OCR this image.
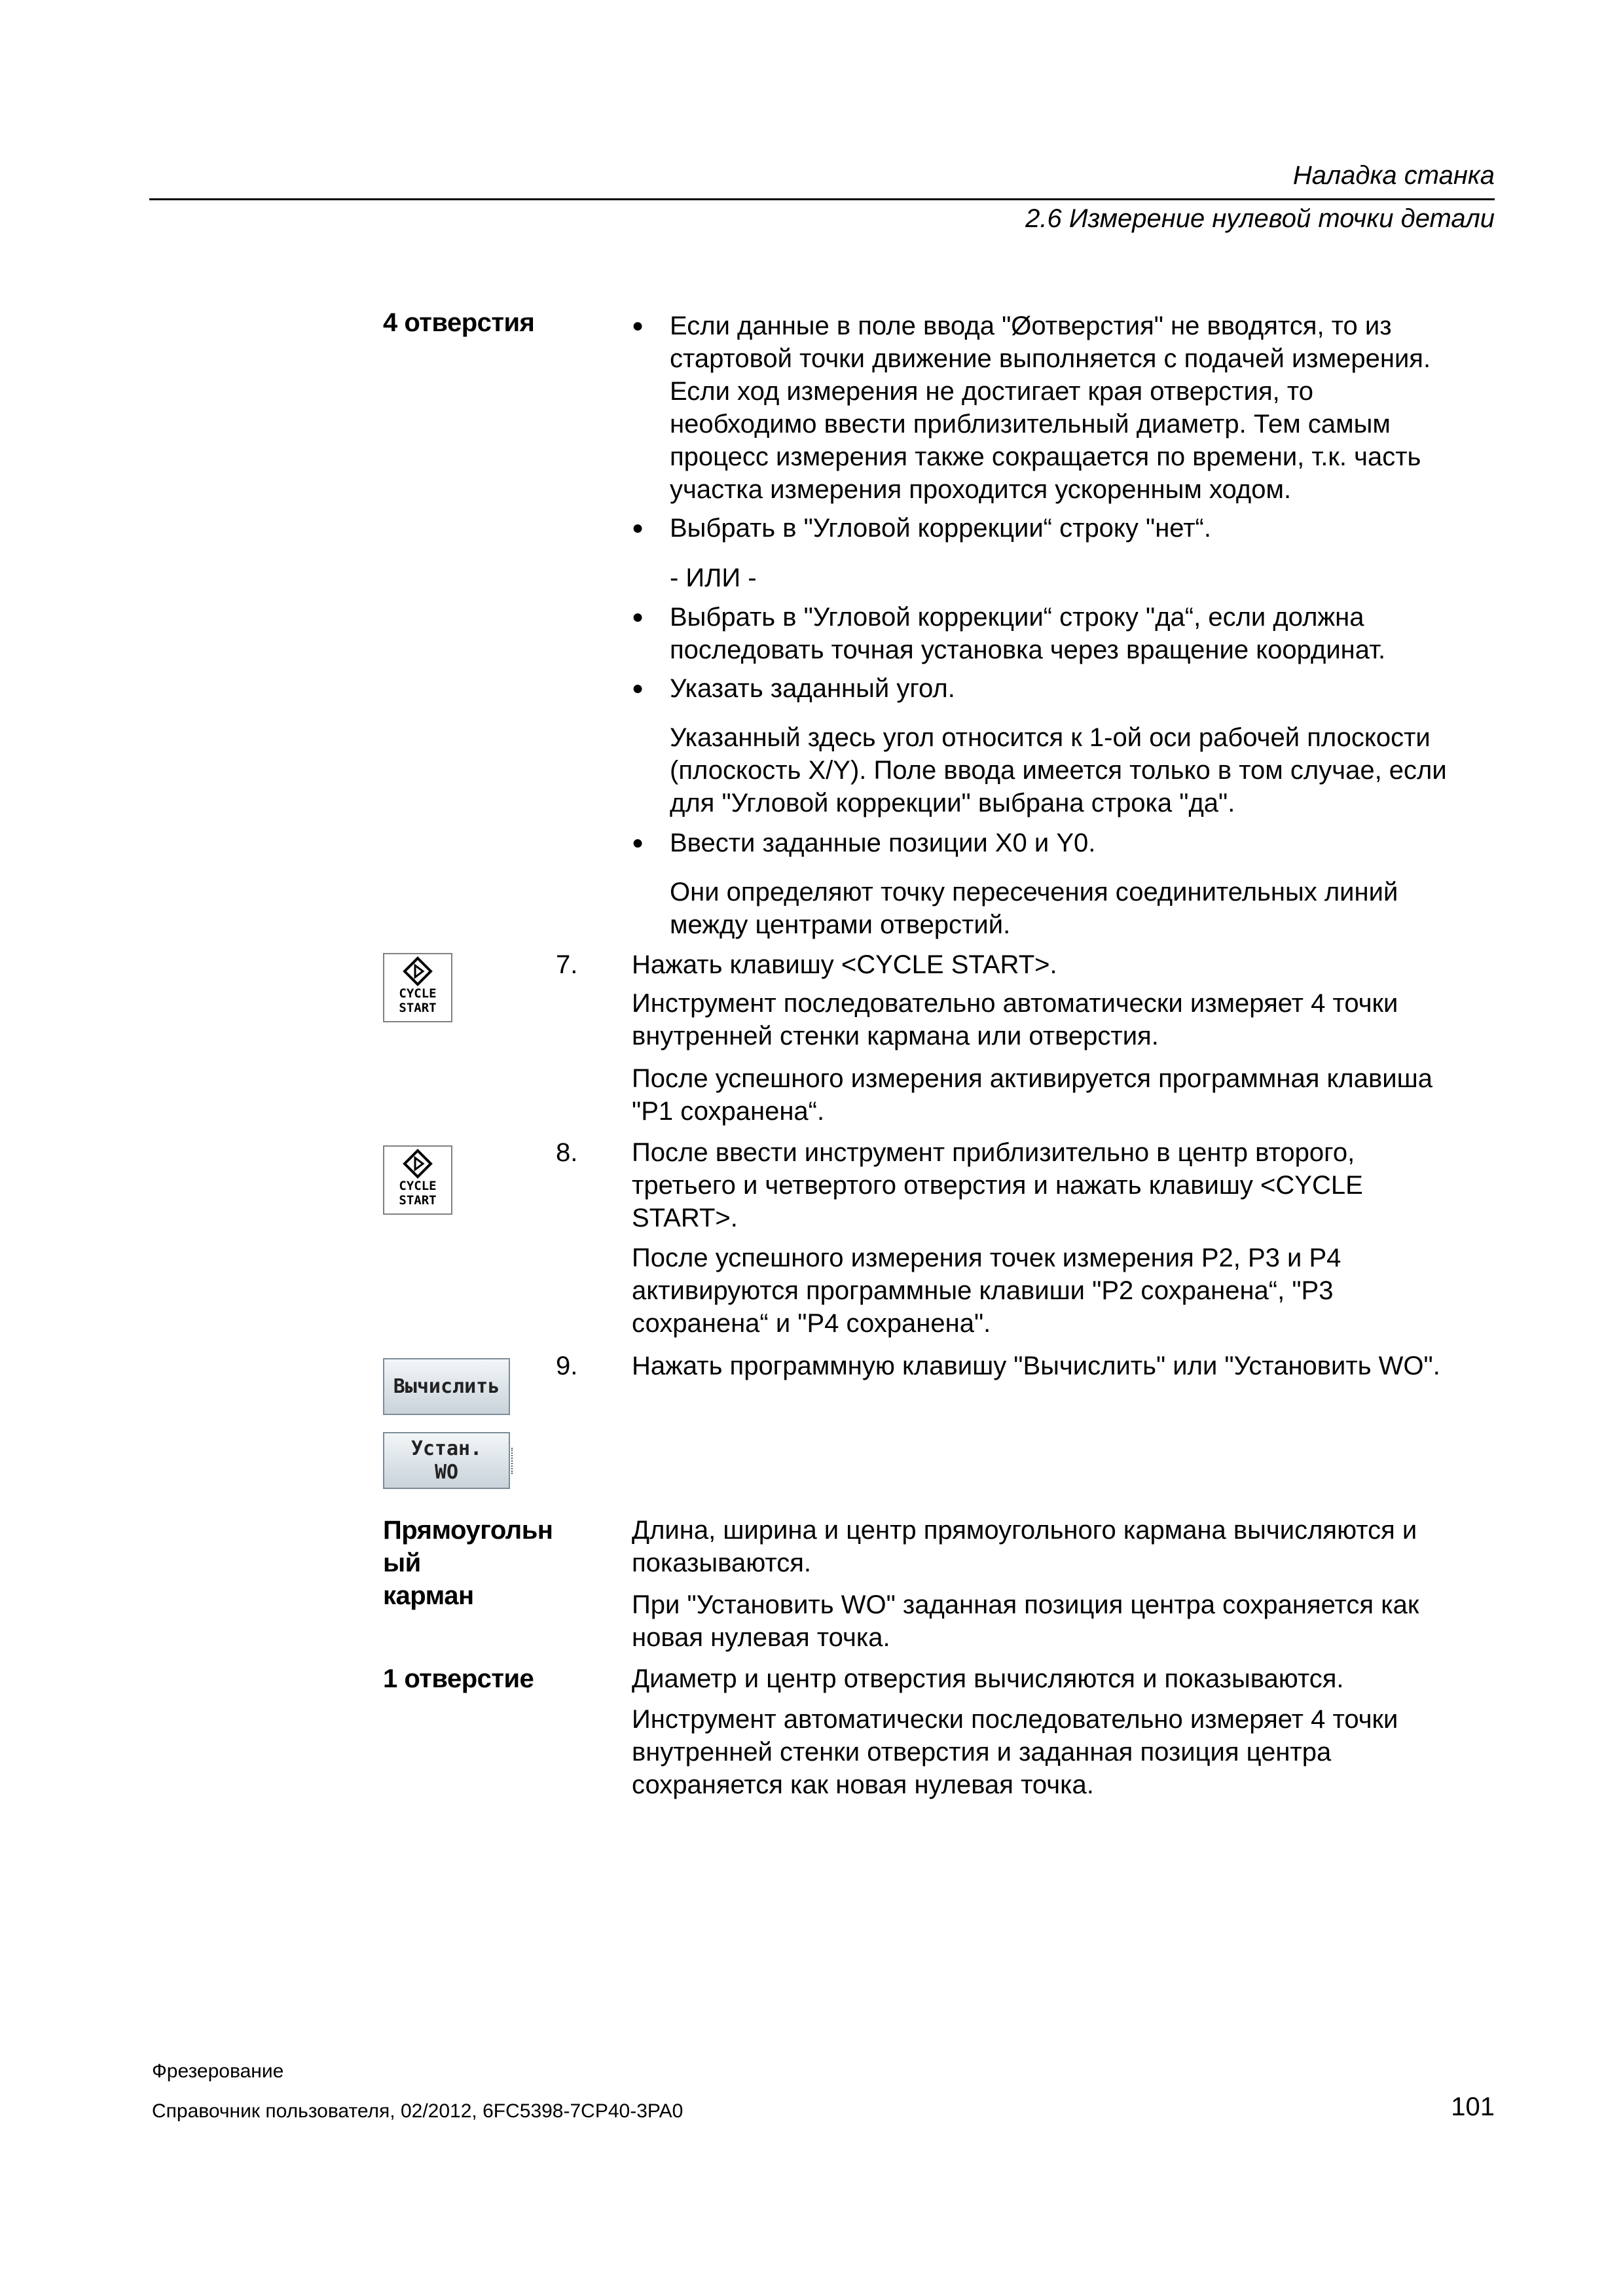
Наладка станка
2.6 Измерение нулевой точки детали
4 отверстия	● Если данные в поле ввода "Øотверстия" не вводятся, то из
стартовой точки движение выполняется с подачей измерения.
Если ход измерения не достигает края отверстия, то
необходимо ввести приблизительный диаметр. Тем самым
процесс измерения также сокращается по времени, т.к. часть
участка измерения проходится ускоренным ходом.
● Выбрать в "Угловой коррекции“ строку "нет“.
- ИЛИ -
● Выбрать в "Угловой коррекции“ строку "да“, если должна
последовать точная установка через вращение координат.
● Указать заданный угол.
Указанный здесь угол относится к 1-ой оси рабочей плоскости
(плоскость X/Y). Поле ввода имеется только в том случае, если
для "Угловой коррекции" выбрана строка "да".
● Ввести заданные позиции X0 и Y0.
Они определяют точку пересечения соединительных линий
между центрами отверстий.
CYCLE
START
7. Нажать клавишу <CYCLE START>.
Инструмент последовательно автоматически измеряет 4 точки
внутренней стенки кармана или отверстия.
После успешного измерения активируется программная клавиша
"P1 сохранена“.
CYCLE
START
8. После ввести инструмент приблизительно в центр второго,
третьего и четвертого отверстия и нажать клавишу <CYCLE
START>.
После успешного измерения точек измерения P2, P3 и P4
активируются программные клавиши "P2 сохранена“, "P3
сохранена“ и "P4 сохранена".
Вычислить
Устан.
WO
9. Нажать программную клавишу "Вычислить" или "Установить WO".
Прямоугольн
ый
карман
Длина, ширина и центр прямоугольного кармана вычисляются и
показываются.
При "Установить WO" заданная позиция центра сохраняется как
новая нулевая точка.
1 отверстие	Диаметр и центр отверстия вычисляются и показываются.
Инструмент автоматически последовательно измеряет 4 точки
внутренней стенки отверстия и заданная позиция центра
сохраняется как новая нулевая точка.
Фрезерование
Справочник пользователя, 02/2012, 6FC5398-7CP40-3PA0	101
